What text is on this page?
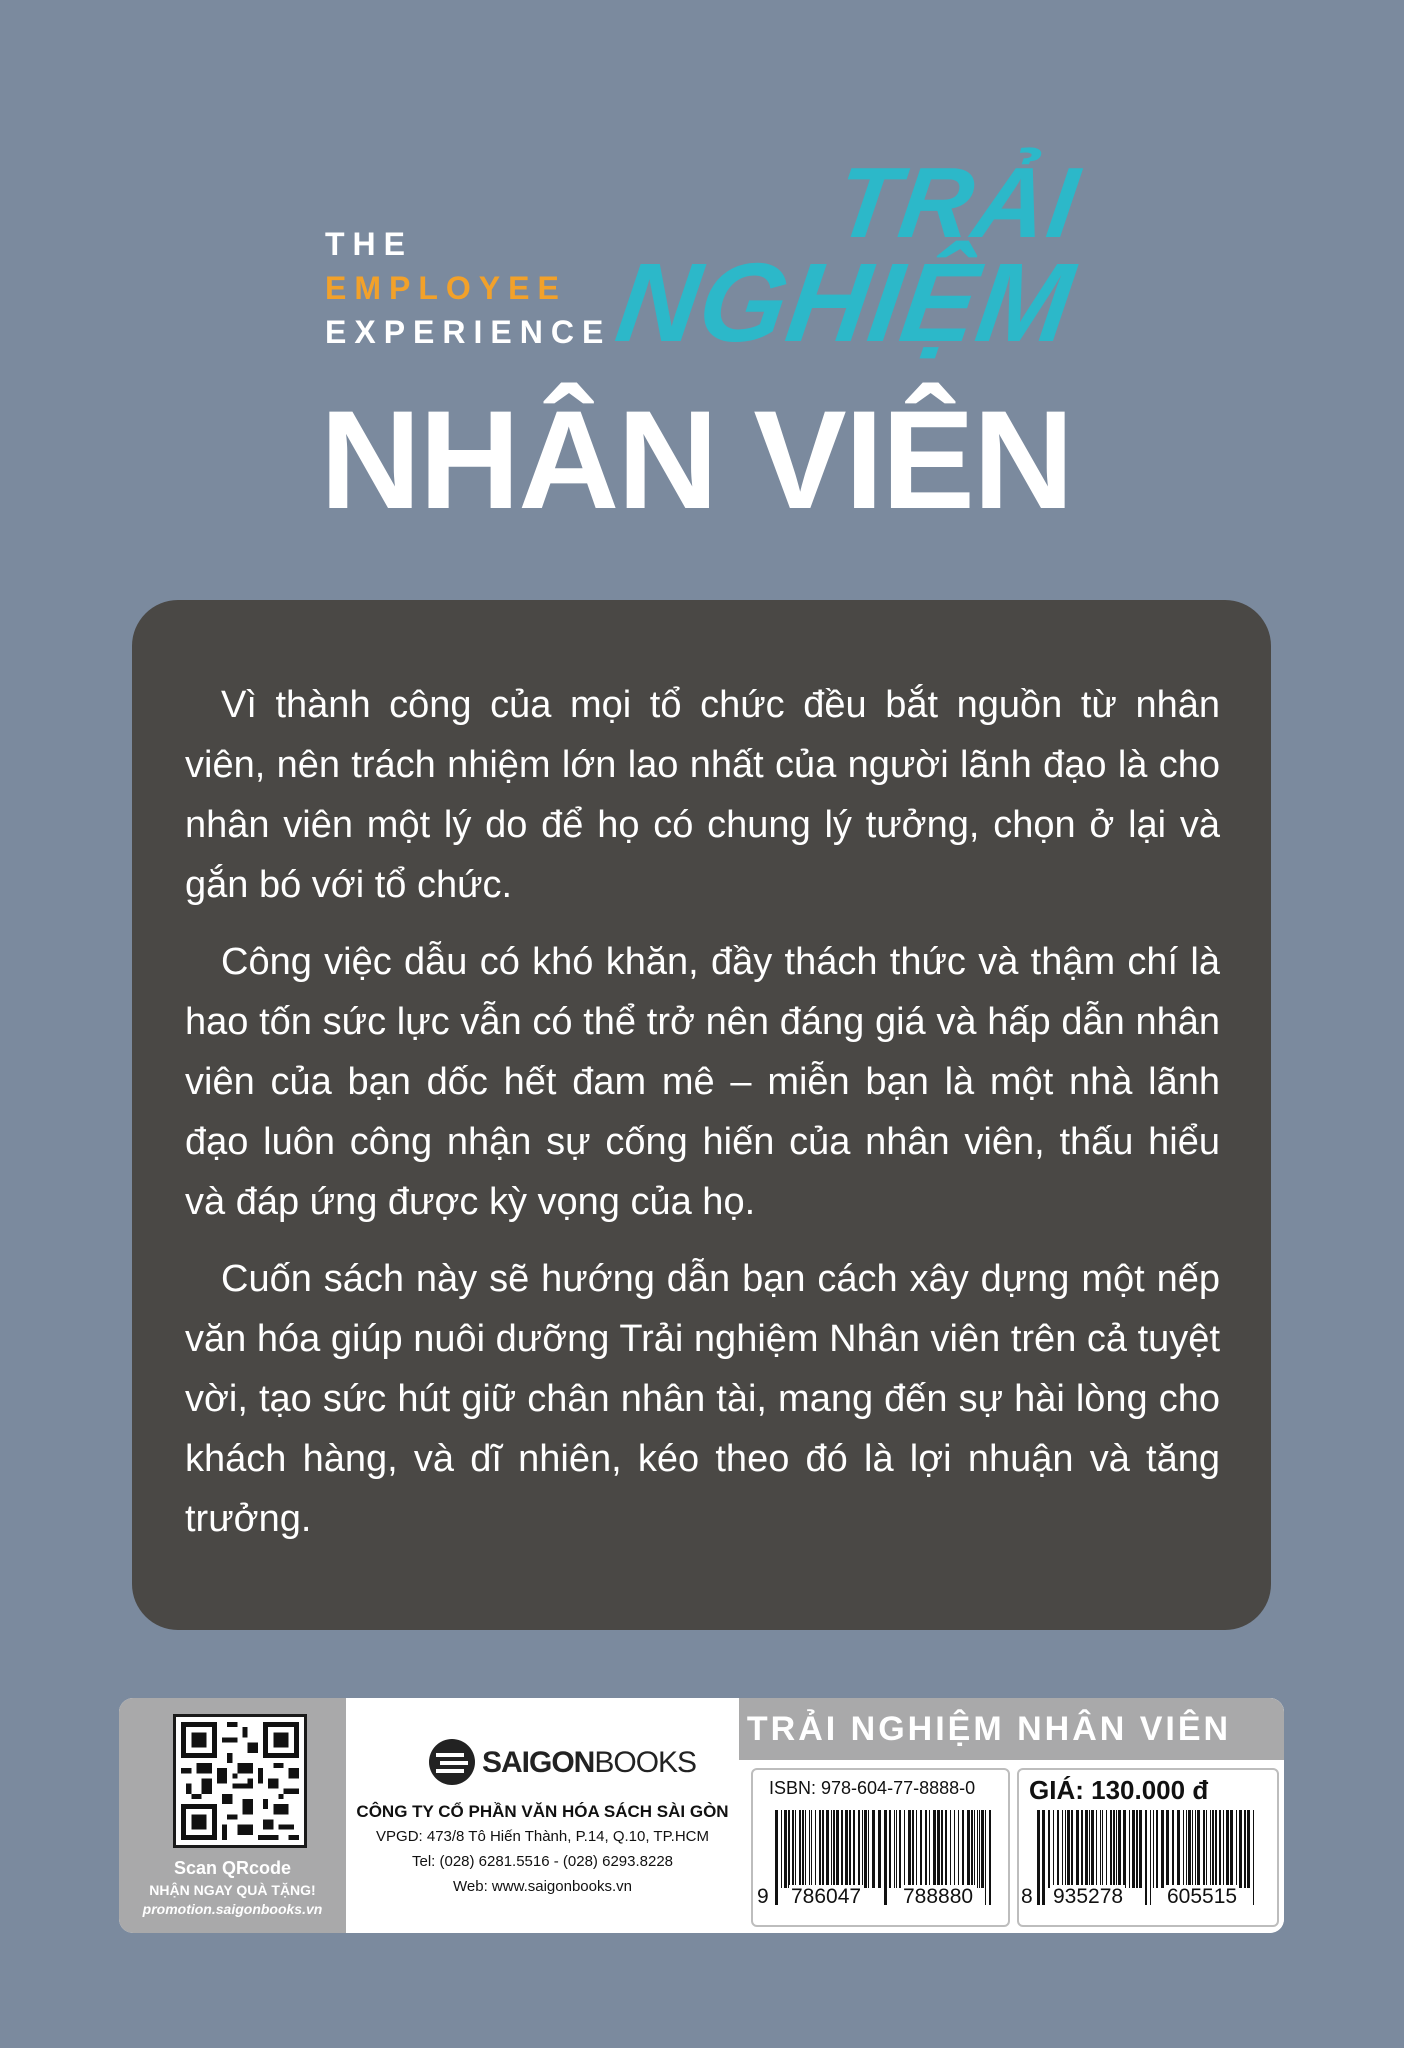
THE
EMPLOYEE
EXPERIENCE
TRẢI
NGHIỆM
NHÂN VIÊN

Vì thành công của mọi tổ chức đều bắt nguồn từ nhân viên, nên trách nhiệm lớn lao nhất của người lãnh đạo là cho nhân viên một lý do để họ có chung lý tưởng, chọn ở lại và gắn bó với tổ chức.

Công việc dẫu có khó khăn, đầy thách thức và thậm chí là hao tốn sức lực vẫn có thể trở nên đáng giá và hấp dẫn nhân viên của bạn dốc hết đam mê – miễn bạn là một nhà lãnh đạo luôn công nhận sự cống hiến của nhân viên, thấu hiểu và đáp ứng được kỳ vọng của họ.

Cuốn sách này sẽ hướng dẫn bạn cách xây dựng một nếp văn hóa giúp nuôi dưỡng Trải nghiệm Nhân viên trên cả tuyệt vời, tạo sức hút giữ chân nhân tài, mang đến sự hài lòng cho khách hàng, và dĩ nhiên, kéo theo đó là lợi nhuận và tăng trưởng.

Scan QRcode
NHẬN NGAY QUÀ TẶNG!
promotion.saigonbooks.vn
SAIGONBOOKS
CÔNG TY CỔ PHẦN VĂN HÓA SÁCH SÀI GÒN
VPGD: 473/8 Tô Hiến Thành, P.14, Q.10, TP.HCM
Tel: (028) 6281.5516 - (028) 6293.8228
Web: www.saigonbooks.vn
TRẢI NGHIỆM NHÂN VIÊN
ISBN: 978-604-77-8888-0
9 786047 788880
GIÁ: 130.000 đ
8 935278 605515
